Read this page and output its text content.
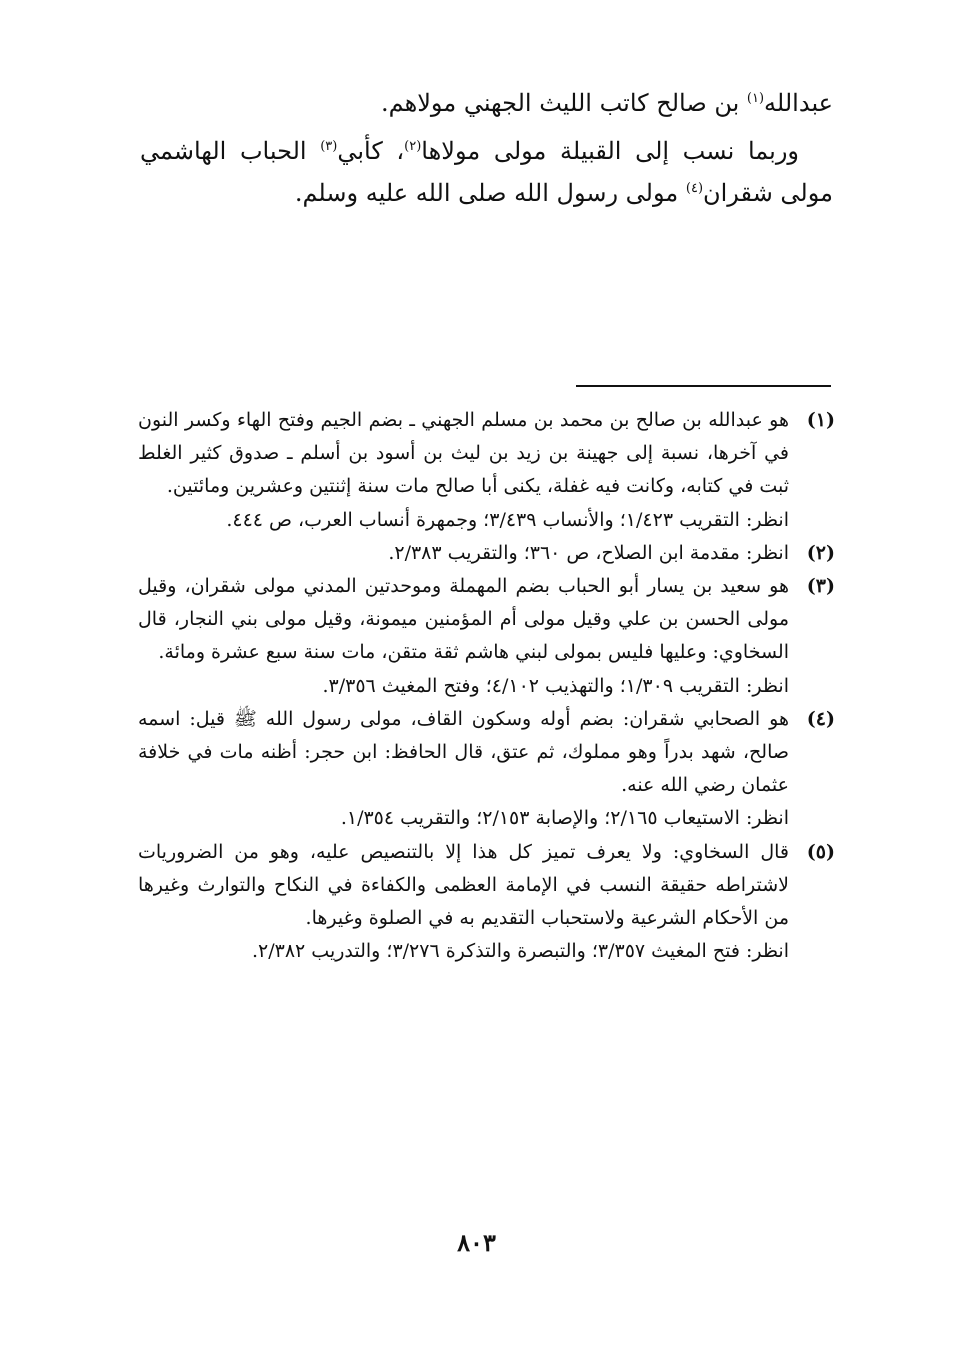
عبدالله$^{(١)}$ بن صالح كاتب الليث الجهني مولاهم.

وربما نسب إلى القبيلة مولى مولاها$^{(٢)}$، كأبي$^{(٣)}$ الحباب الهاشمي مولى شقران$^{(٤)}$ مولى رسول الله صلى الله عليه وسلم.

(١)

هو عبدالله بن صالح بن محمد بن مسلم الجهني ـ بضم الجيم وفتح الهاء وكسر النون في آخرها، نسبة إلى جهينة بن زيد بن ليث بن أسود بن أسلم ـ صدوق كثير الغلط ثبت في كتابه، وكانت فيه غفلة، يكنى أبا صالح مات سنة إثنتين وعشرين ومائتين.

انظر: التقريب ١/٤٢٣؛ والأنساب ٣/٤٣٩؛ وجمهرة أنساب العرب، ص ٤٤٤.

(٢)

انظر: مقدمة ابن الصلاح، ص ٣٦٠؛ والتقريب ٢/٣٨٣.

(٣)

هو سعيد بن يسار أبو الحباب بضم المهملة وموحدتين المدني مولى شقران، وقيل مولى الحسن بن علي وقيل مولى أم المؤمنين ميمونة، وقيل مولى بني النجار، قال السخاوي: وعليها فليس بمولى لبني هاشم ثقة متقن، مات سنة سبع عشرة ومائة.

انظر: التقريب ١/٣٠٩؛ والتهذيب ٤/١٠٢؛ وفتح المغيث ٣/٣٥٦.

(٤)

هو الصحابي شقران: بضم أوله وسكون القاف، مولى رسول الله ﷺ قيل: اسمه صالح، شهد بدراً وهو مملوك، ثم عتق، قال الحافظ: ابن حجر: أظنه مات في خلافة عثمان رضي الله عنه.

انظر: الاستيعاب ٢/١٦٥؛ والإصابة ٢/١٥٣؛ والتقريب ١/٣٥٤.

(٥)

قال السخاوي: ولا يعرف تميز كل هذا إلا بالتنصيص عليه، وهو من الضروريات لاشتراطه حقيقة النسب في الإمامة العظمى والكفاءة في النكاح والتوارث وغيرها من الأحكام الشرعية ولاستحباب التقديم به في الصلوة وغيرها.

انظر: فتح المغيث ٣/٣٥٧؛ والتبصرة والتذكرة ٣/٢٧٦؛ والتدريب ٢/٣٨٢.

٨٠٣
